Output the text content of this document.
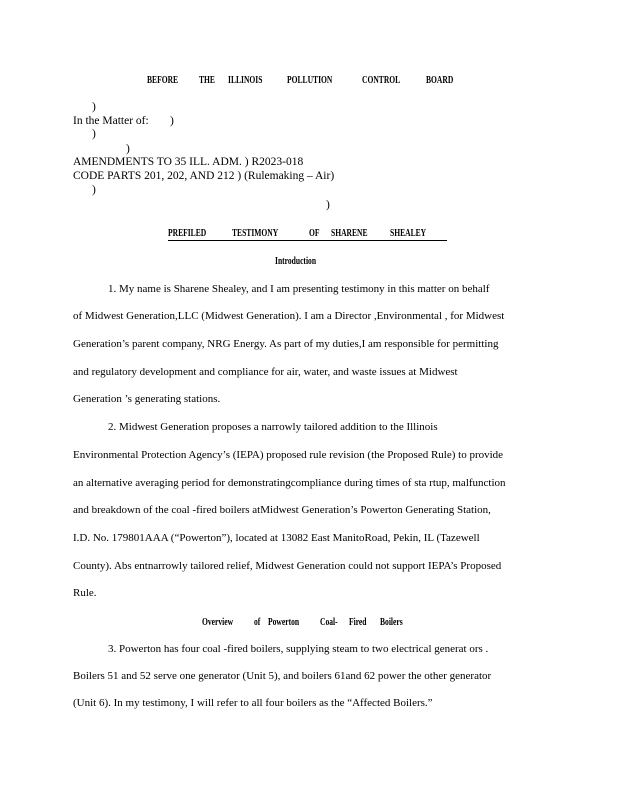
BEFORE THE ILLINOIS POLLUTION	CONTROL BOARD
)
In the Matter of: )
)
)
AMENDMENTS TO 35 ILL. ADM. ) R2023-018
CODE PARTS 201, 202, AND 212 ) (Rulemaking – Air)
)
)
PREFILED TESTIMONY	OF SHARENE SHEALEY
Introduction
1. My name is Sharene Shealey, and I am presenting testimony in this matter on behalf
of Midwest Generation,LLC (Midwest Generation). I am a Director ,Environmental , for Midwest
Generation’s parent company, NRG Energy. As part of my duties,I am responsible for permitting
and regulatory development and compliance for air, water, and waste issues at Midwest
Generation ’s generating stations.
2. Midwest Generation proposes a narrowly tailored addition to the Illinois
Environmental Protection Agency’s (IEPA) proposed rule revision (the Proposed Rule) to provide
an alternative averaging period for demonstratingcompliance during times of sta rtup, malfunction
and breakdown of the coal -fired boilers atMidwest Generation’s Powerton Generating Station,
I.D. No. 179801AAA (“Powerton”), located at 13082 East ManitoRoad, Pekin, IL (Tazewell
County). Abs entnarrowly tailored relief, Midwest Generation could not support IEPA’s Proposed
Rule.
Overview of Powerton Coal- Fired Boilers
3. Powerton has four coal -fired boilers, supplying steam to two electrical generat ors .
Boilers 51 and 52 serve one generator (Unit 5), and boilers 61and 62 power the other generator
(Unit 6). In my testimony, I will refer to all four boilers as the “Affected Boilers.”
